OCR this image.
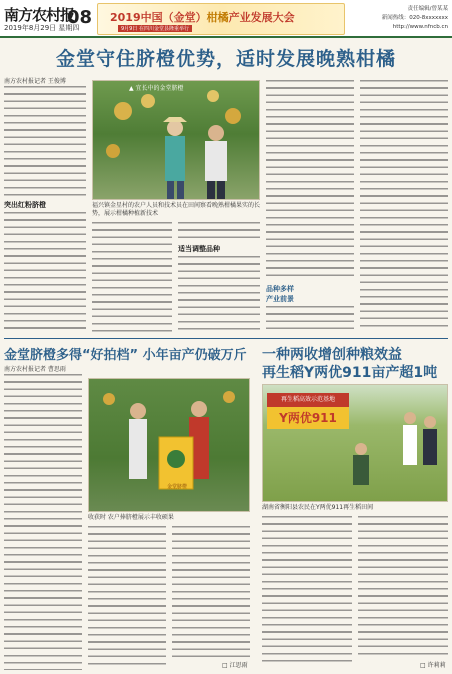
南方农村报
2019年8月29日 星期四
08 2019中国（金堂）柑橘产业发展大会
9月9日 在四川金堂县隆重举行
责任编辑/曾某某
新闻热线：020-8xxxxxxx
http://www.nfncb.cn
金堂守住脐橙优势，适时发展晚熟柑橘
南方农村报记者 王俊博
突出红粉脐橙
▲ 宜长中的金堂脐橙
福兴镇金星村的农户人员和技术员在田间察看晚熟柑橘果实的长势，展示柑橘种植新技术
适当调整品种
品种多样
产业前景
金堂脐橙多得“好拍档” 小年亩产仍破万斤
南方农村报记者 曹思雨
金堂脐橙
收获时 农户捧脐橙展示丰收硕果
□ 江思雨
一种两收增创种粮效益
再生稻Y两优911亩产超1吨
再生稻高效示范基地
Y两优911
湖南省衡阳县农民在Y两优911再生稻田间
□ 许莉莉
